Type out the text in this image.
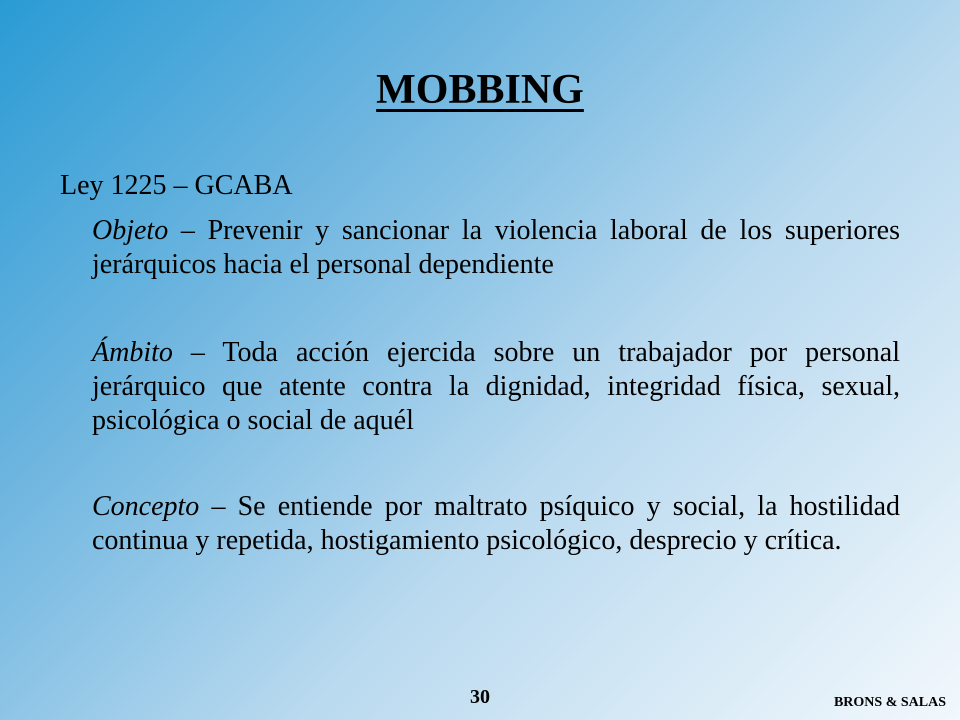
MOBBING
Ley 1225 – GCABA
Objeto – Prevenir y sancionar la violencia laboral de los superiores jerárquicos hacia el personal dependiente
Ámbito – Toda acción ejercida sobre un trabajador por personal jerárquico que atente contra la dignidad, integridad física, sexual, psicológica o social de aquél
Concepto – Se entiende por maltrato psíquico y social, la hostilidad continua y repetida, hostigamiento psicológico, desprecio y crítica.
30	BRONS & SALAS
